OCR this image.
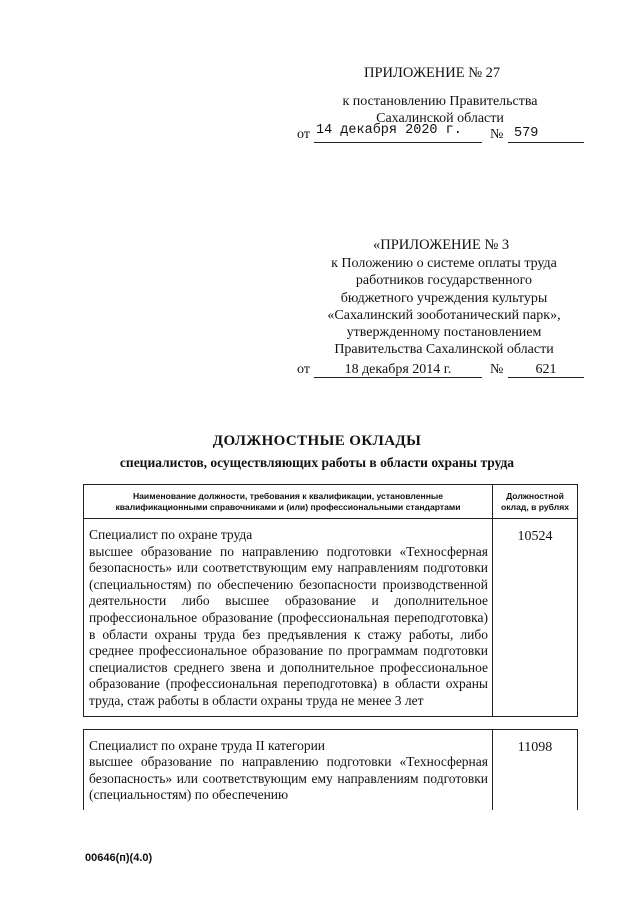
ПРИЛОЖЕНИЕ № 27
к постановлению Правительства
Сахалинской области
от 14 декабря 2020 г. № 579
«ПРИЛОЖЕНИЕ № 3
к Положению о системе оплаты труда
работников государственного
бюджетного учреждения культуры
«Сахалинский зооботанический парк»,
утвержденному постановлением
Правительства Сахалинской области
от	18 декабря 2014 г.	№	621
ДОЛЖНОСТНЫЕ ОКЛАДЫ
специалистов, осуществляющих работы в области охраны труда
Наименование должности, требования к квалификации, установленные квалификационными справочниками и (или) профессиональными стандартами	Должностной оклад, в рублях

Специалист по охране труда
высшее образование по направлению подготовки «Техносферная безопасность» или соответствующим ему направлениям подготовки (специальностям) по обеспечению безопасности производственной деятельности либо высшее образование и дополнительное профессиональное образование (профессиональная переподготовка) в области охраны труда без предъявления к стажу работы, либо среднее профессиональное образование по программам подготовки специалистов среднего звена и дополнительное профессиональное образование (профессиональная переподготовка) в области охраны труда, стаж работы в области охраны труда не менее 3 лет	10524

Специалист по охране труда II категории
высшее образование по направлению подготовки «Техносферная безопасность» или соответствующим ему направлениям подготовки (специальностям) по обеспечению	11098
00646(п)(4.0)
